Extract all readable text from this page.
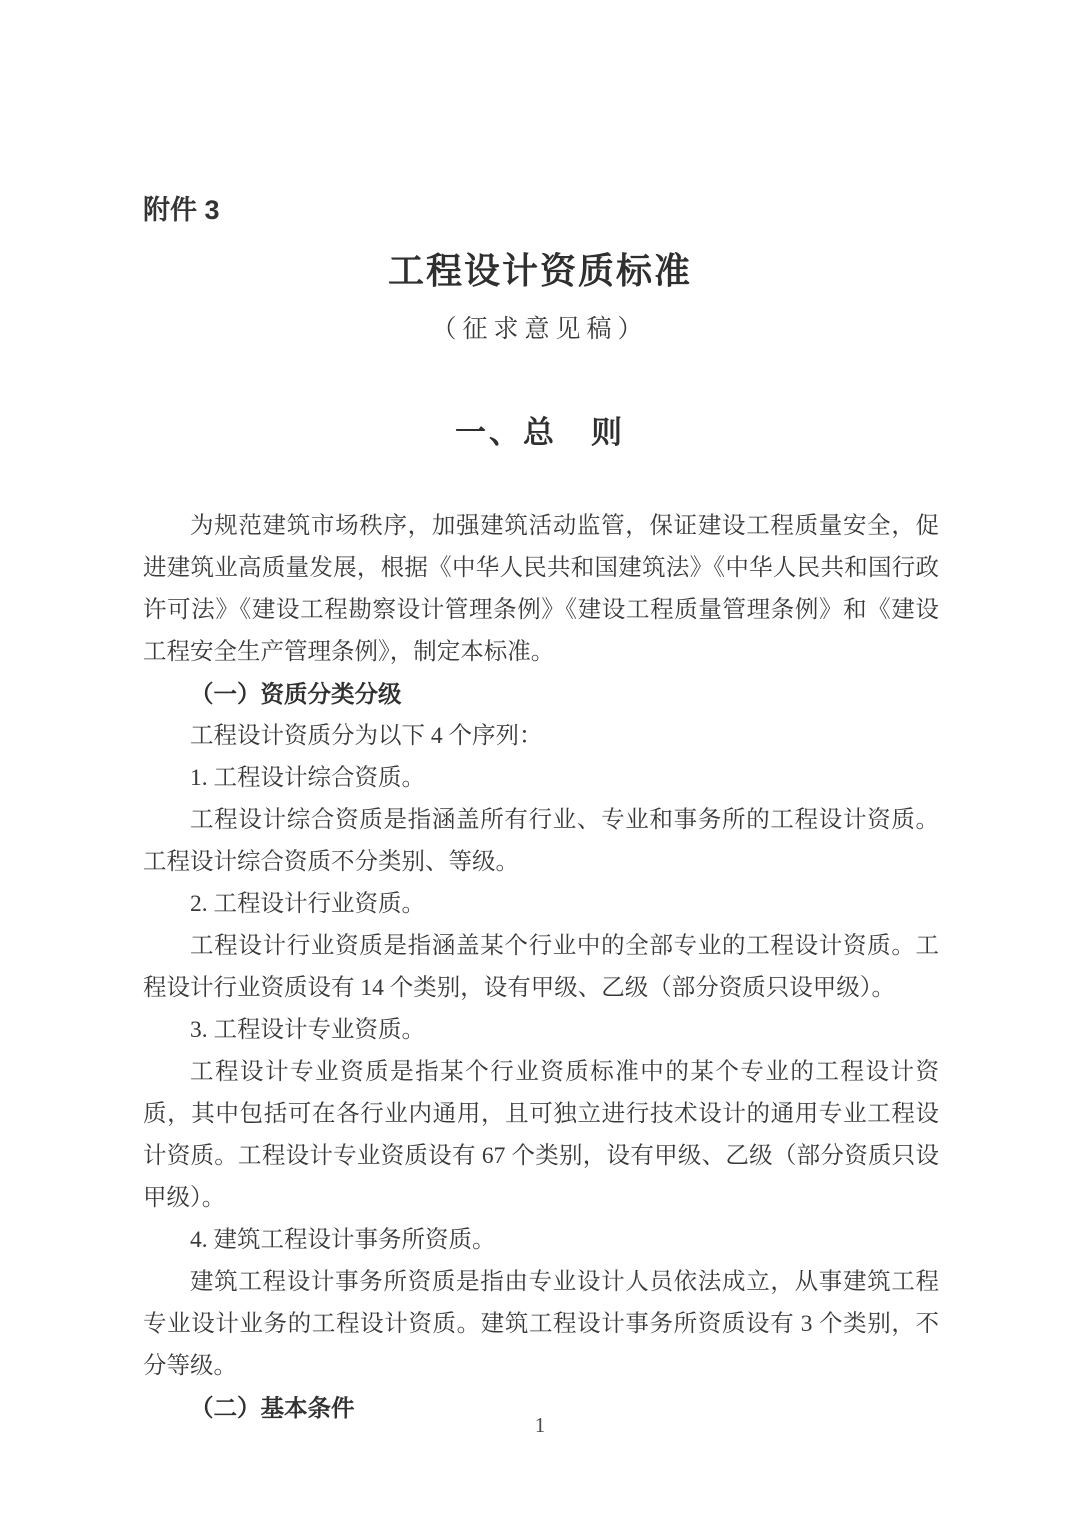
附件 3
工程设计资质标准
（征求意见稿）
一、总　则

为规范建筑市场秩序，加强建筑活动监管，保证建设工程质量安全，促进建筑业高质量发展，根据《中华人民共和国建筑法》《中华人民共和国行政许可法》《建设工程勘察设计管理条例》《建设工程质量管理条例》和《建设工程安全生产管理条例》，制定本标准。

（一）资质分类分级

工程设计资质分为以下 4 个序列：

1. 工程设计综合资质。

工程设计综合资质是指涵盖所有行业、专业和事务所的工程设计资质。工程设计综合资质不分类别、等级。

2. 工程设计行业资质。

工程设计行业资质是指涵盖某个行业中的全部专业的工程设计资质。工程设计行业资质设有 14 个类别，设有甲级、乙级（部分资质只设甲级）。

3. 工程设计专业资质。

工程设计专业资质是指某个行业资质标准中的某个专业的工程设计资质，其中包括可在各行业内通用，且可独立进行技术设计的通用专业工程设计资质。工程设计专业资质设有 67 个类别，设有甲级、乙级（部分资质只设甲级）。

4. 建筑工程设计事务所资质。

建筑工程设计事务所资质是指由专业设计人员依法成立，从事建筑工程专业设计业务的工程设计资质。建筑工程设计事务所资质设有 3 个类别，不分等级。

（二）基本条件

1
